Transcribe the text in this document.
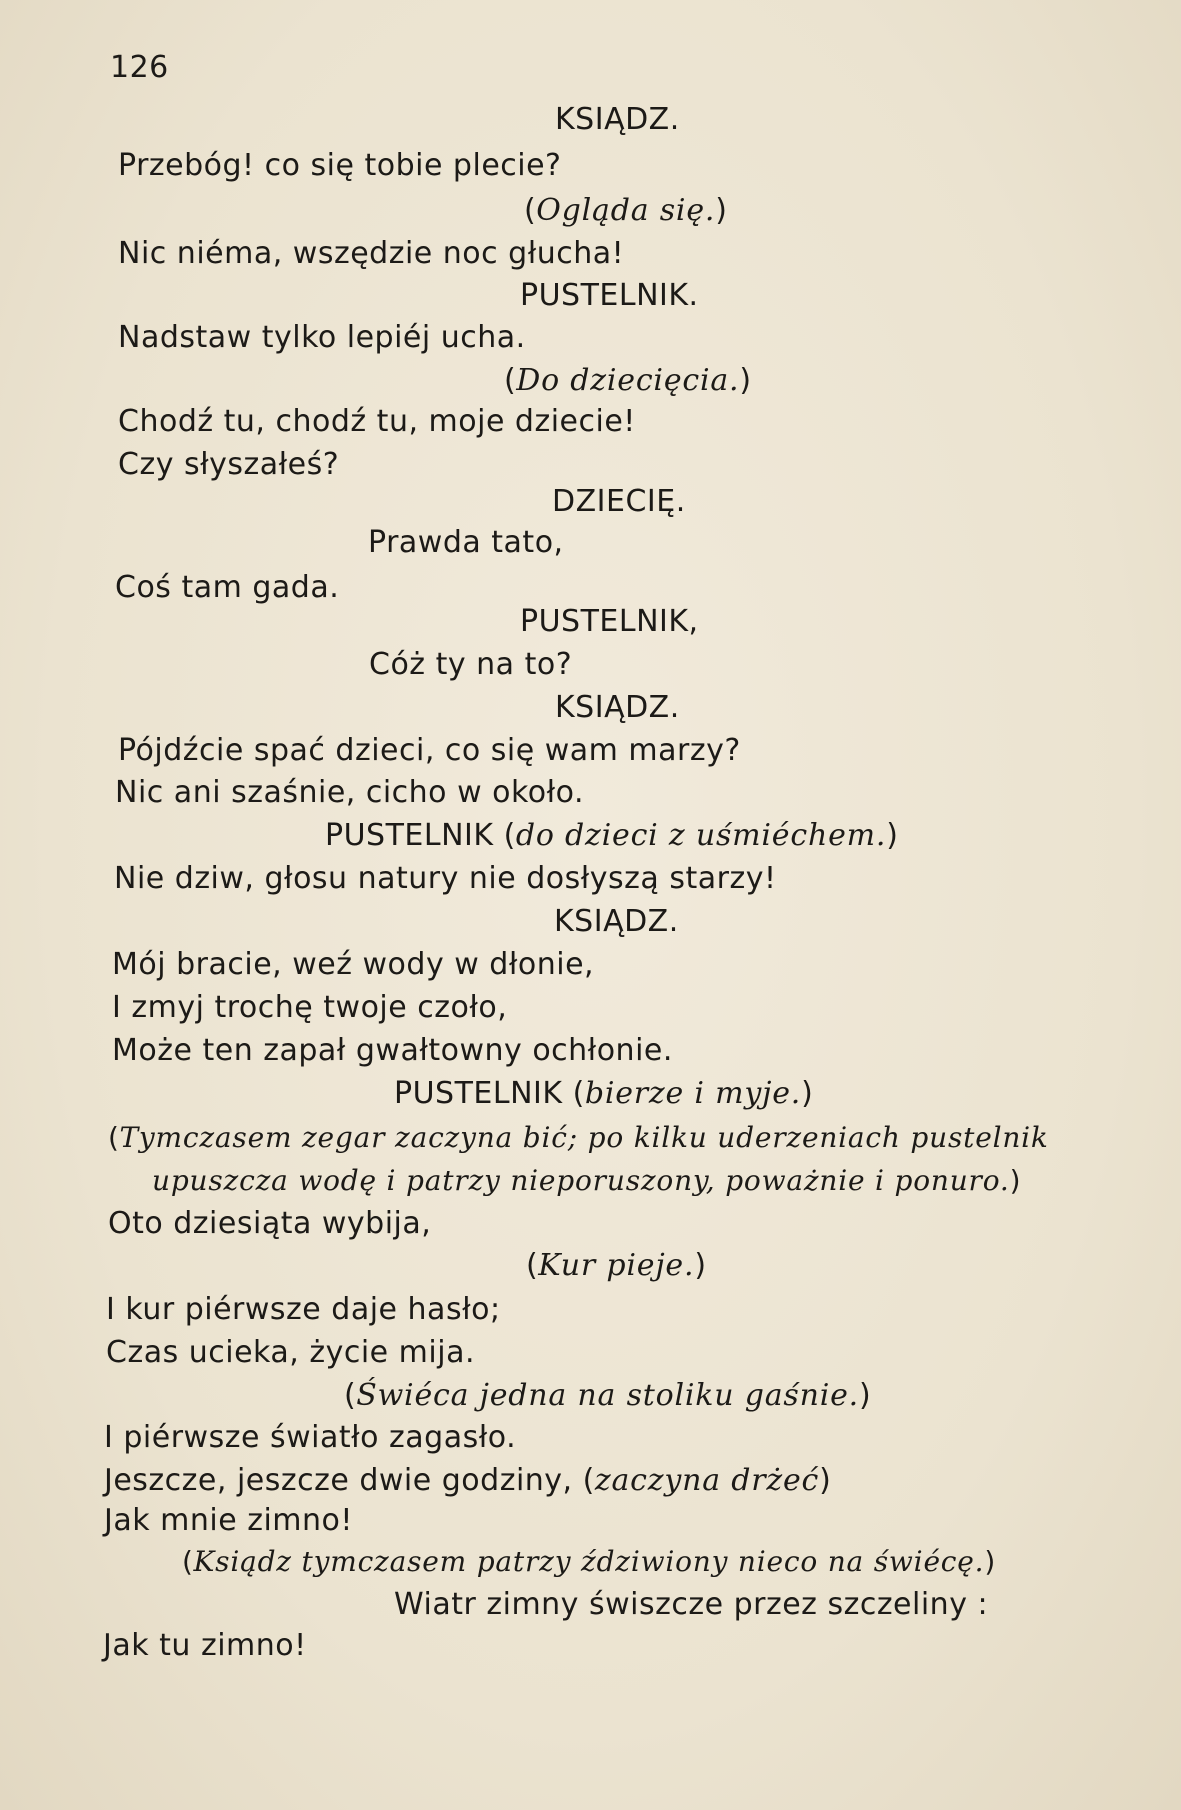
126
KSIĄDZ.
Przebóg! co się tobie plecie?
(Ogląda się.)
Nic niéma, wszędzie noc głucha!
PUSTELNIK.
Nadstaw tylko lepiéj ucha.
(Do dziecięcia.)
Chodź tu, chodź tu, moje dziecie!
Czy słyszałeś?
DZIECIĘ.
Prawda tato,
Coś tam gada.
PUSTELNIK,
Cóż ty na to?
KSIĄDZ.
Pójdźcie spać dzieci, co się wam marzy?
Nic ani szaśnie, cicho w około.
PUSTELNIK (do dzieci z uśmiéchem.)
Nie dziw, głosu natury nie dosłyszą starzy!
KSIĄDZ.
Mój bracie, weź wody w dłonie,
I zmyj trochę twoje czoło,
Może ten zapał gwałtowny ochłonie.
PUSTELNIK (bierze i myje.)
(Tymczasem zegar zaczyna bić; po kilku uderzeniach pustelnik
upuszcza wodę i patrzy nieporuszony, poważnie i ponuro.)
Oto dziesiąta wybija,
(Kur pieje.)
I kur piérwsze daje hasło;
Czas ucieka, życie mija.
(Świéca jedna na stoliku gaśnie.)
I piérwsze światło zagasło.
Jeszcze, jeszcze dwie godziny, (zaczyna drżeć)
Jak mnie zimno!
(Ksiądz tymczasem patrzy ździwiony nieco na świécę.)
Wiatr zimny świszcze przez szczeliny :
Jak tu zimno!
